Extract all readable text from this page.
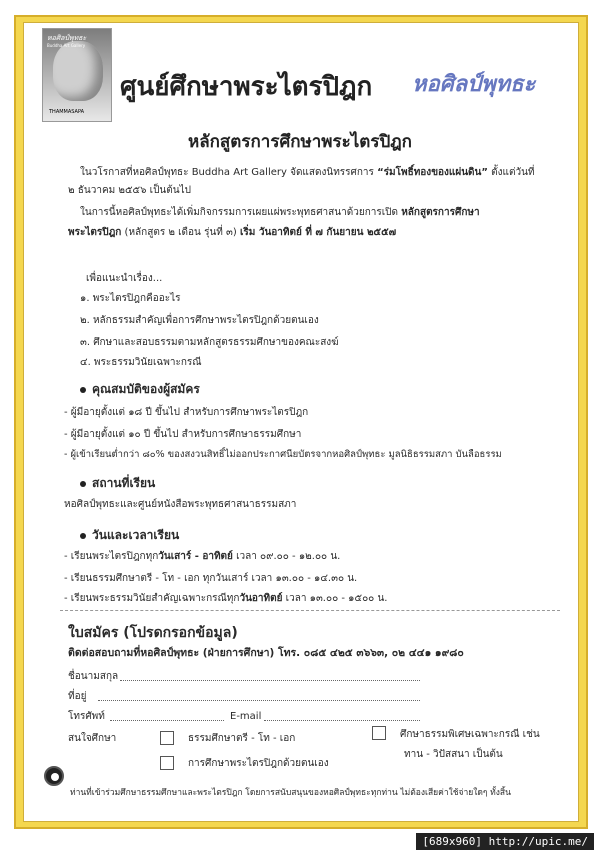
หอศิลป์พุทธะ
Buddha Art Gallery
THAMMASAPA
ศูนย์ศึกษาพระไตรปิฎก หอศิลป์พุทธะ
หลักสูตรการศึกษาพระไตรปิฎก
ในวโรกาสที่หอศิลป์พุทธะ Buddha Art Gallery จัดแสดงนิทรรศการ “ร่มโพธิ์ทองของแผ่นดิน” ตั้งแต่วันที่
๒ ธันวาคม ๒๕๕๖ เป็นต้นไป
ในการนี้หอศิลป์พุทธะได้เพิ่มกิจกรรมการเผยแผ่พระพุทธศาสนาด้วยการเปิด หลักสูตรการศึกษา
พระไตรปิฎก (หลักสูตร ๒ เดือน รุ่นที่ ๓) เริ่ม วันอาทิตย์ ที่ ๗ กันยายน ๒๕๕๗
เพื่อแนะนำเรื่อง...
๑. พระไตรปิฎกคืออะไร
๒. หลักธรรมสำคัญเพื่อการศึกษาพระไตรปิฎกด้วยตนเอง
๓. ศึกษาและสอบธรรมตามหลักสูตรธรรมศึกษาของคณะสงฆ์
๔. พระธรรมวินัยเฉพาะกรณี
คุณสมบัติของผู้สมัคร
- ผู้มีอายุตั้งแต่ ๑๘ ปี ขึ้นไป สำหรับการศึกษาพระไตรปิฎก
- ผู้มีอายุตั้งแต่ ๑๐ ปี ขึ้นไป สำหรับการศึกษาธรรมศึกษา
- ผู้เข้าเรียนต่ำกว่า ๘๐% ของสงวนสิทธิ์ไม่ออกประกาศนียบัตรจากหอศิลป์พุทธะ มูลนิธิธรรมสภา บันลือธรรม
สถานที่เรียน
หอศิลป์พุทธะและศูนย์หนังสือพระพุทธศาสนาธรรมสภา
วันและเวลาเรียน
- เรียนพระไตรปิฎกทุกวันเสาร์ - อาทิตย์ เวลา ๐๙.๐๐ - ๑๒.๐๐ น.
- เรียนธรรมศึกษาตรี - โท - เอก ทุกวันเสาร์ เวลา ๑๓.๐๐ - ๑๔.๓๐ น.
- เรียนพระธรรมวินัยสำคัญเฉพาะกรณีทุกวันอาทิตย์ เวลา ๑๓.๐๐ - ๑๕๐๐ น.
ใบสมัคร (โปรดกรอกข้อมูล)
ติดต่อสอบถามที่หอศิลป์พุทธะ (ฝ่ายการศึกษา) โทร. ๐๘๕ ๔๒๕ ๓๖๖๓, ๐๒ ๔๔๑ ๑๙๘๐
ชื่อนามสกุล
ที่อยู่
โทรศัพท์	E-mail
สนใจศึกษา	ธรรมศึกษาตรี - โท - เอก
การศึกษาพระไตรปิฎกด้วยตนเอง
ศึกษาธรรมพิเศษเฉพาะกรณี เช่น
ทาน - วิปัสสนา เป็นต้น
ท่านที่เข้าร่วมศึกษาธรรมศึกษาและพระไตรปิฎก โดยการสนับสนุนของหอศิลป์พุทธะทุกท่าน ไม่ต้องเสียค่าใช้จ่ายใดๆ ทั้งสิ้น
[689x960] http://upic.me/
